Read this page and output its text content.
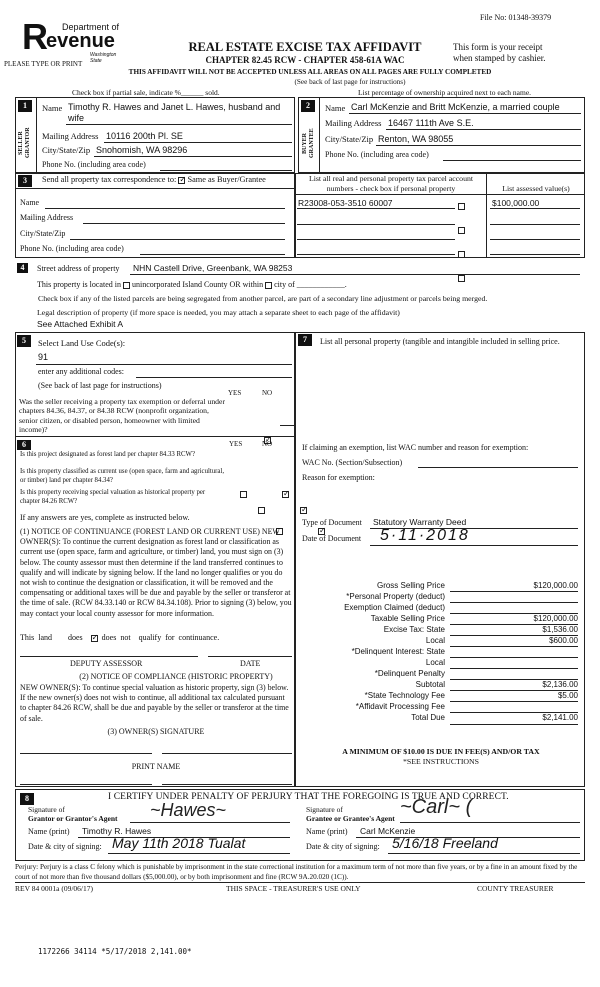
File No: 01348-39379
R Department of
evenue
Washington State
PLEASE TYPE OR PRINT
REAL ESTATE EXCISE TAX AFFIDAVIT
CHAPTER 82.45 RCW - CHAPTER 458-61A WAC
This form is your receipt
when stamped by cashier.
THIS AFFIDAVIT WILL NOT BE ACCEPTED UNLESS ALL AREAS ON ALL PAGES ARE FULLY COMPLETED
(See back of last page for instructions)
Check box if partial sale, indicate %______ sold.	List percentage of ownership acquired next to each name.
1
SELLER
GRANTOR
Name Timothy R. Hawes and Janet L. Hawes, husband and
wife
Mailing Address 10116 200th Pl. SE
City/State/Zip Snohomish, WA 98296
Phone No. (including area code)
2
BUYER
GRANTEE
Name Carl McKenzie and Britt McKenzie, a married couple
Mailing Address 16467 111th Ave S.E.
City/State/Zip Renton, WA 98055
Phone No. (including area code)
3	Send all property tax correspondence to: ✓ Same as Buyer/Grantee
Name
Mailing Address
City/State/Zip
Phone No. (including area code)
List all real and personal property tax parcel account
numbers - check box if personal property	List assessed value(s)
R23008-053-3510 60007	$100,000.00
4	Street address of property NHN Castell Drive, Greenbank, WA 98253
This property is located in unincorporated Island County OR within city of ____________.
Check box if any of the listed parcels are being segregated from another parcel, are part of a secondary line adjustment or parcels being merged.
Legal description of property (if more space is needed, you may attach a separate sheet to each page of the affidavit)
See Attached Exhibit A
5	Select Land Use Code(s):
91
enter any additional codes:
(See back of last page for instructions)
YES	NO
Was the seller receiving a property tax exemption or deferral under chapters 84.36, 84.37, or 84.38 RCW (nonprofit organization, senior citizen, or disabled person, homeowner with limited income)?
✓
6	YES	NO
Is this project designated as forest land per chapter 84.33 RCW?
✓
Is this property classified as current use (open space, farm and agricultural, or timber) land per chapter 84.34?
✓
Is this property receiving special valuation as historical property per chapter 84.26 RCW?
✓
If any answers are yes, complete as instructed below.
(1) NOTICE OF CONTINUANCE (FOREST LAND OR CURRENT USE) NEW OWNER(S): To continue the current designation as forest land or classification as current use (open space, farm and agriculture, or timber) land, you must sign on (3) below. The county assessor must then determine if the land transferred continues to qualify and will indicate by signing below. If the land no longer qualifies or you do not wish to continue the designation or classification, it will be removed and the compensating or additional taxes will be due and payable by the seller or transferor at the time of sale. (RCW 84.33.140 or RCW 84.34.108). Prior to signing (3) below, you may contact your local county assessor for more information.
This land does ✓ does not qualify for continuance.
DEPUTY ASSESSOR	DATE
(2) NOTICE OF COMPLIANCE (HISTORIC PROPERTY)
NEW OWNER(S): To continue special valuation as historic property, sign (3) below. If the new owner(s) does not wish to continue, all additional tax calculated pursuant to chapter 84.26 RCW, shall be due and payable by the seller or transferor at the time of sale.
(3) OWNER(S) SIGNATURE
PRINT NAME
7	List all personal property (tangible and intangible included in selling price.
If claiming an exemption, list WAC number and reason for exemption:
WAC No. (Section/Subsection)
Reason for exemption:
Type of Document Statutory Warranty Deed
Date of Document 5·11·2018
Gross Selling Price	$120,000.00
*Personal Property (deduct)
Exemption Claimed (deduct)
Taxable Selling Price	$120,000.00
Excise Tax: State	$1,536.00
Local	$600.00
*Delinquent Interest: State
Local
*Delinquent Penalty
Subtotal	$2,136.00
*State Technology Fee	$5.00
*Affidavit Processing Fee
Total Due	$2,141.00
A MINIMUM OF $10.00 IS DUE IN FEE(S) AND/OR TAX
*SEE INSTRUCTIONS
8	I CERTIFY UNDER PENALTY OF PERJURY THAT THE FOREGOING IS TRUE AND CORRECT.
Signature of
Grantor or Grantor's Agent ~Hawes~
Name (print) Timothy R. Hawes
Date & city of signing: May 11th 2018 Tualat
Signature of
Grantee or Grantee's Agent
~Carl~ (
Name (print) Carl McKenzie
Date & city of signing: 5/16/18 Freeland
Perjury: Perjury is a class C felony which is punishable by imprisonment in the state correctional institution for a maximum term of not more than five years, or by a fine in an amount fixed by the court of not more than five thousand dollars ($5,000.00), or by both imprisonment and fine (RCW 9A.20.020 (1C)).
REV 84 0001a (09/06/17)	THIS SPACE - TREASURER'S USE ONLY	COUNTY TREASURER
1172266 34114 *5/17/2018 2,141.00*
